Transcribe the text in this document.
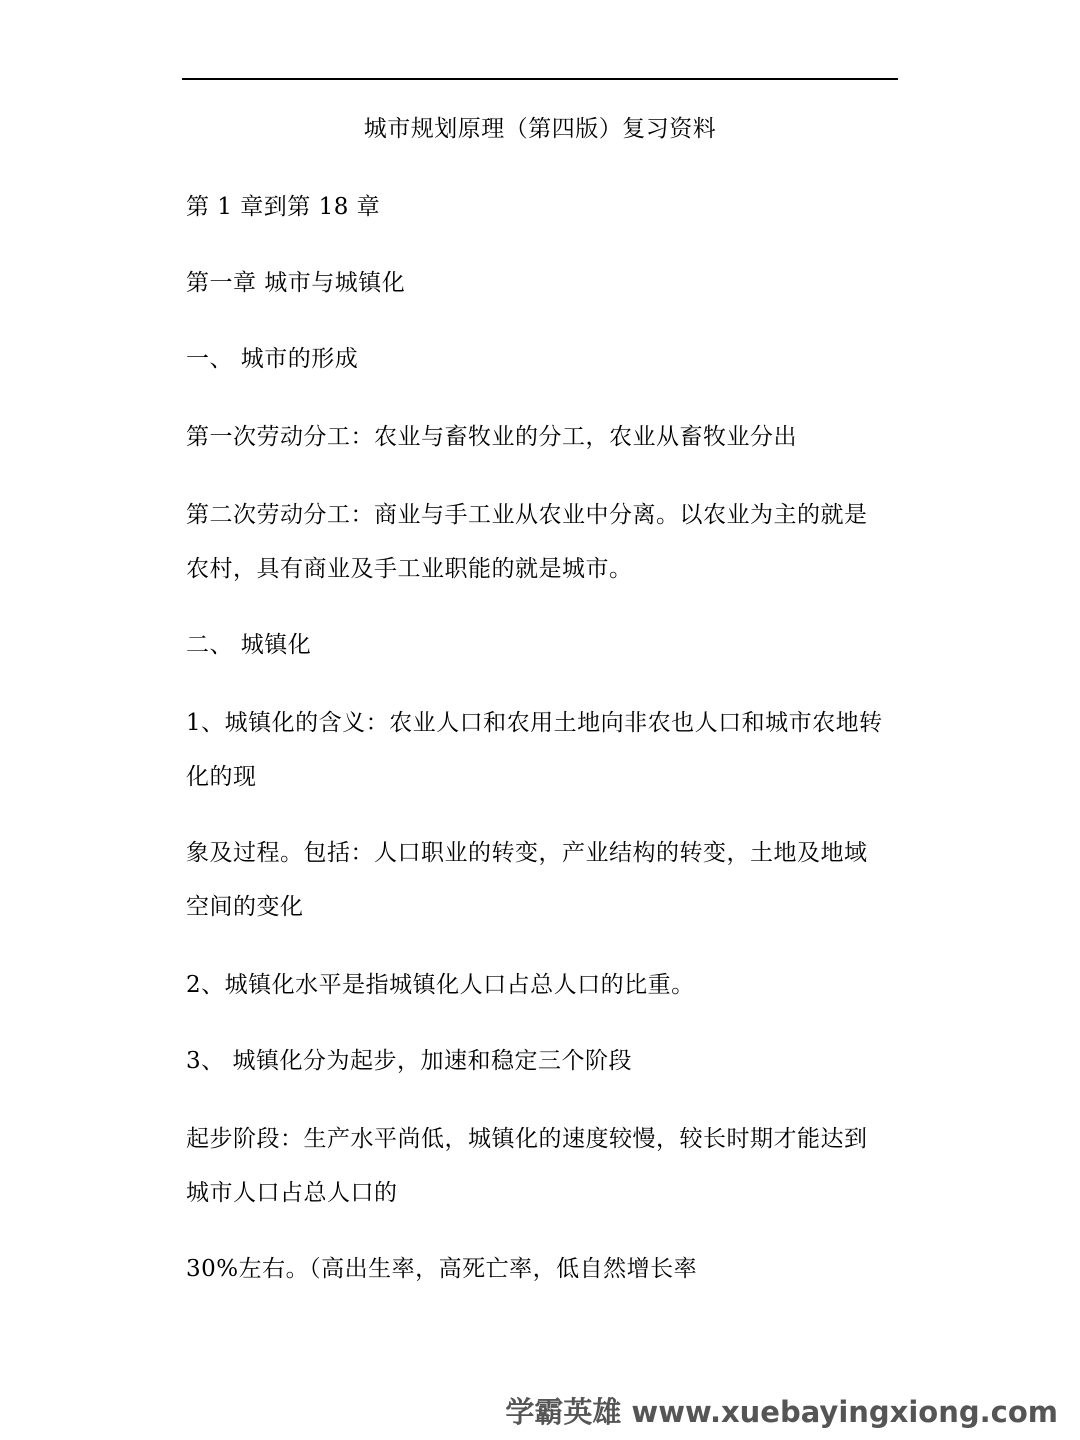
城市规划原理（第四版）复习资料
第 1 章到第 18 章
第一章 城市与城镇化
一、 城市的形成
第一次劳动分工：农业与畜牧业的分工，农业从畜牧业分出
第二次劳动分工：商业与手工业从农业中分离。以农业为主的就是
农村，具有商业及手工业职能的就是城市。
二、 城镇化
1、城镇化的含义：农业人口和农用土地向非农也人口和城市农地转
化的现
象及过程。包括：人口职业的转变，产业结构的转变，土地及地域
空间的变化
2、城镇化水平是指城镇化人口占总人口的比重。
3、 城镇化分为起步，加速和稳定三个阶段
起步阶段：生产水平尚低，城镇化的速度较慢，较长时期才能达到
城市人口占总人口的
30%左右。（高出生率，高死亡率，低自然增长率
学霸英雄 www.xuebayingxiong.com
